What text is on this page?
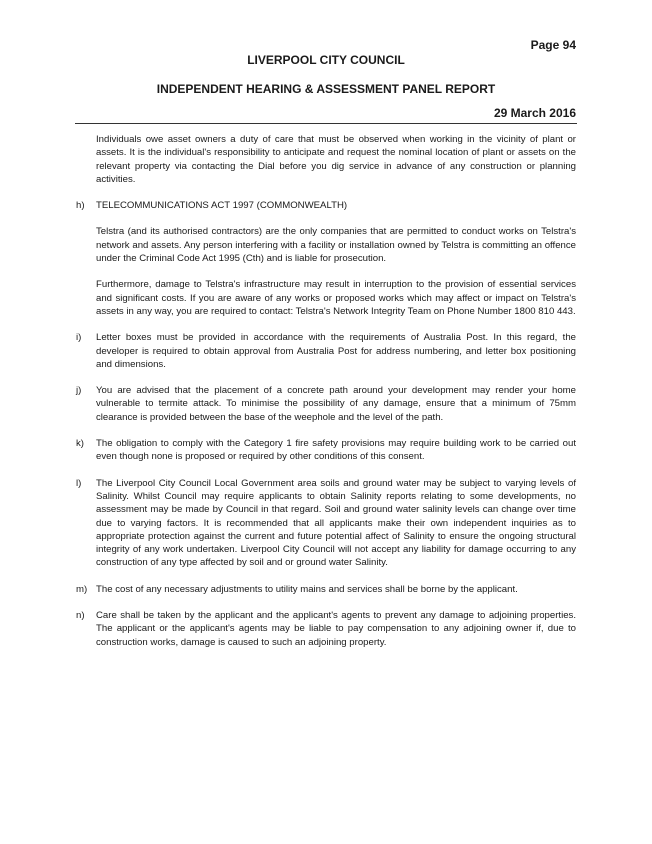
Page 94
LIVERPOOL CITY COUNCIL
INDEPENDENT HEARING & ASSESSMENT PANEL REPORT
29 March 2016

Individuals owe asset owners a duty of care that must be observed when working in the vicinity of plant or assets. It is the individual's responsibility to anticipate and request the nominal location of plant or assets on the relevant property via contacting the Dial before you dig service in advance of any construction or planning activities.

h)	TELECOMMUNICATIONS ACT 1997 (COMMONWEALTH)

Telstra (and its authorised contractors) are the only companies that are permitted to conduct works on Telstra's network and assets. Any person interfering with a facility or installation owned by Telstra is committing an offence under the Criminal Code Act 1995 (Cth) and is liable for prosecution.

Furthermore, damage to Telstra's infrastructure may result in interruption to the provision of essential services and significant costs. If you are aware of any works or proposed works which may affect or impact on Telstra's assets in any way, you are required to contact: Telstra's Network Integrity Team on Phone Number 1800 810 443.

i)	Letter boxes must be provided in accordance with the requirements of Australia Post. In this regard, the developer is required to obtain approval from Australia Post for address numbering, and letter box positioning and dimensions.
j)	You are advised that the placement of a concrete path around your development may render your home vulnerable to termite attack. To minimise the possibility of any damage, ensure that a minimum of 75mm clearance is provided between the base of the weephole and the level of the path.
k)	The obligation to comply with the Category 1 fire safety provisions may require building work to be carried out even though none is proposed or required by other conditions of this consent.
l)	The Liverpool City Council Local Government area soils and ground water may be subject to varying levels of Salinity. Whilst Council may require applicants to obtain Salinity reports relating to some developments, no assessment may be made by Council in that regard. Soil and ground water salinity levels can change over time due to varying factors. It is recommended that all applicants make their own independent inquiries as to appropriate protection against the current and future potential affect of Salinity to ensure the ongoing structural integrity of any work undertaken. Liverpool City Council will not accept any liability for damage occurring to any construction of any type affected by soil and or ground water Salinity.
m) The cost of any necessary adjustments to utility mains and services shall be borne by the applicant.
n)	Care shall be taken by the applicant and the applicant's agents to prevent any damage to adjoining properties. The applicant or the applicant's agents may be liable to pay compensation to any adjoining owner if, due to construction works, damage is caused to such an adjoining property.
